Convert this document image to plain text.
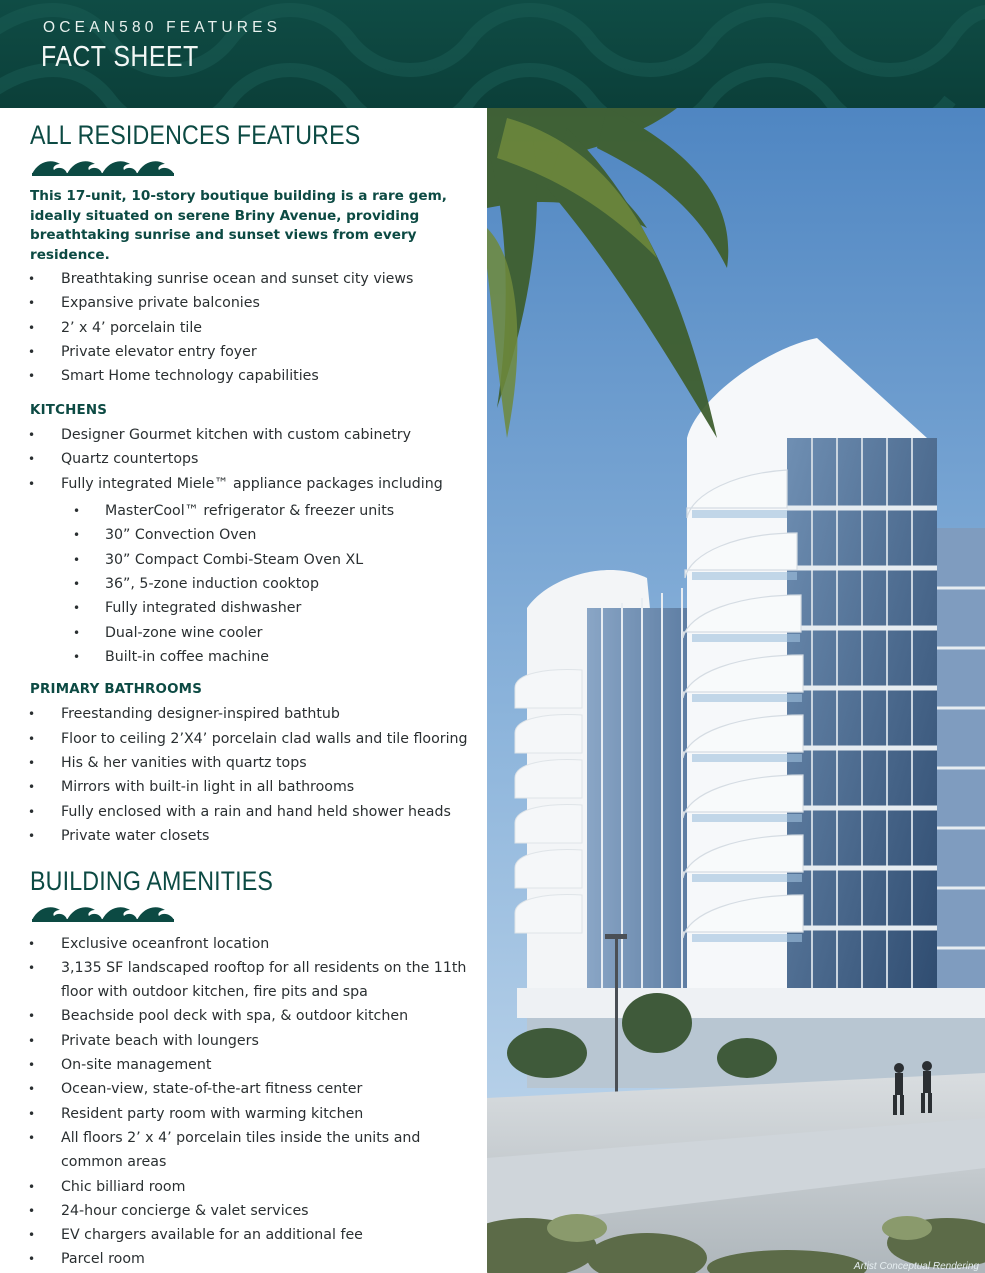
OCEAN580 FEATURES
FACT SHEET
ALL RESIDENCES FEATURES
This 17-unit, 10-story boutique building is a rare gem, ideally situated on serene Briny Avenue, providing breathtaking sunrise and sunset views from every residence.
• Breathtaking sunrise ocean and sunset city views
• Expansive private balconies
• 2’ x 4’ porcelain tile
• Private elevator entry foyer
• Smart Home technology capabilities
KITCHENS
• Designer Gourmet kitchen with custom cabinetry
• Quartz countertops
• Fully integrated Miele™ appliance packages including
• MasterCool™ refrigerator & freezer units
• 30” Convection Oven
• 30” Compact Combi-Steam Oven XL
• 36”, 5-zone induction cooktop
• Fully integrated dishwasher
• Dual-zone wine cooler
• Built-in coffee machine
PRIMARY BATHROOMS
• Freestanding designer-inspired bathtub
• Floor to ceiling 2’X4’ porcelain clad walls and tile flooring
• His & her vanities with quartz tops
• Mirrors with built-in light in all bathrooms
• Fully enclosed with a rain and hand held shower heads
• Private water closets
BUILDING AMENITIES
• Exclusive oceanfront location
• 3,135 SF landscaped rooftop for all residents on the 11th
floor with outdoor kitchen, fire pits and spa
• Beachside pool deck with spa, & outdoor kitchen
• Private beach with loungers
• On-site management
• Ocean-view, state-of-the-art fitness center
• Resident party room with warming kitchen
• All floors 2’ x 4’ porcelain tiles inside the units and
common areas
• Chic billiard room
• 24-hour concierge & valet services
• EV chargers available for an additional fee
• Parcel room	Artist Conceptual Rendering
